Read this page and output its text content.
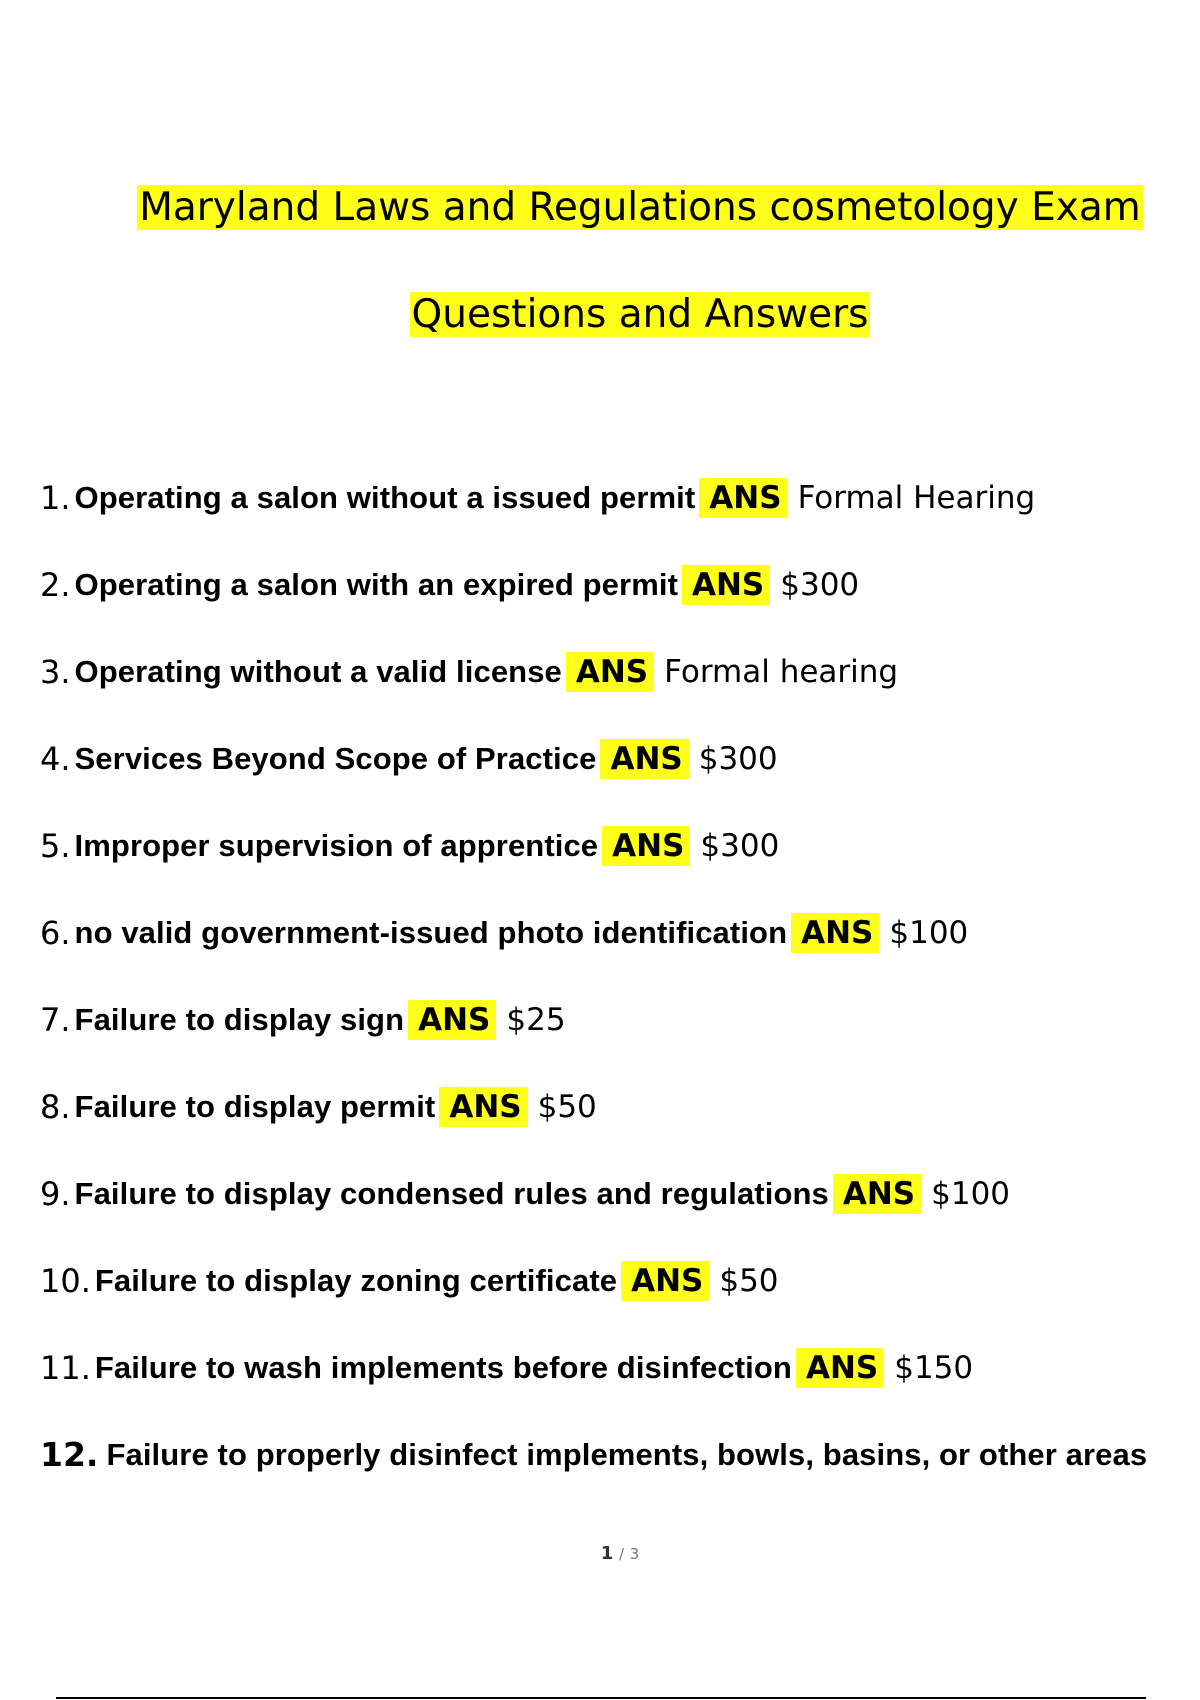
Maryland Laws and Regulations cosmetology Exam
Questions and Answers
1. Operating a salon without a issued permit ANS Formal Hearing
2. Operating a salon with an expired permit ANS $300
3. Operating without a valid license ANS Formal hearing
4. Services Beyond Scope of Practice ANS $300
5. Improper supervision of apprentice ANS $300
6. no valid government-issued photo identification ANS $100
7. Failure to display sign ANS $25
8. Failure to display permit ANS $50
9. Failure to display condensed rules and regulations ANS $100
10. Failure to display zoning certificate ANS $50
11. Failure to wash implements before disinfection ANS $150
12. Failure to properly disinfect implements, bowls, basins, or other areas
1 / 3
